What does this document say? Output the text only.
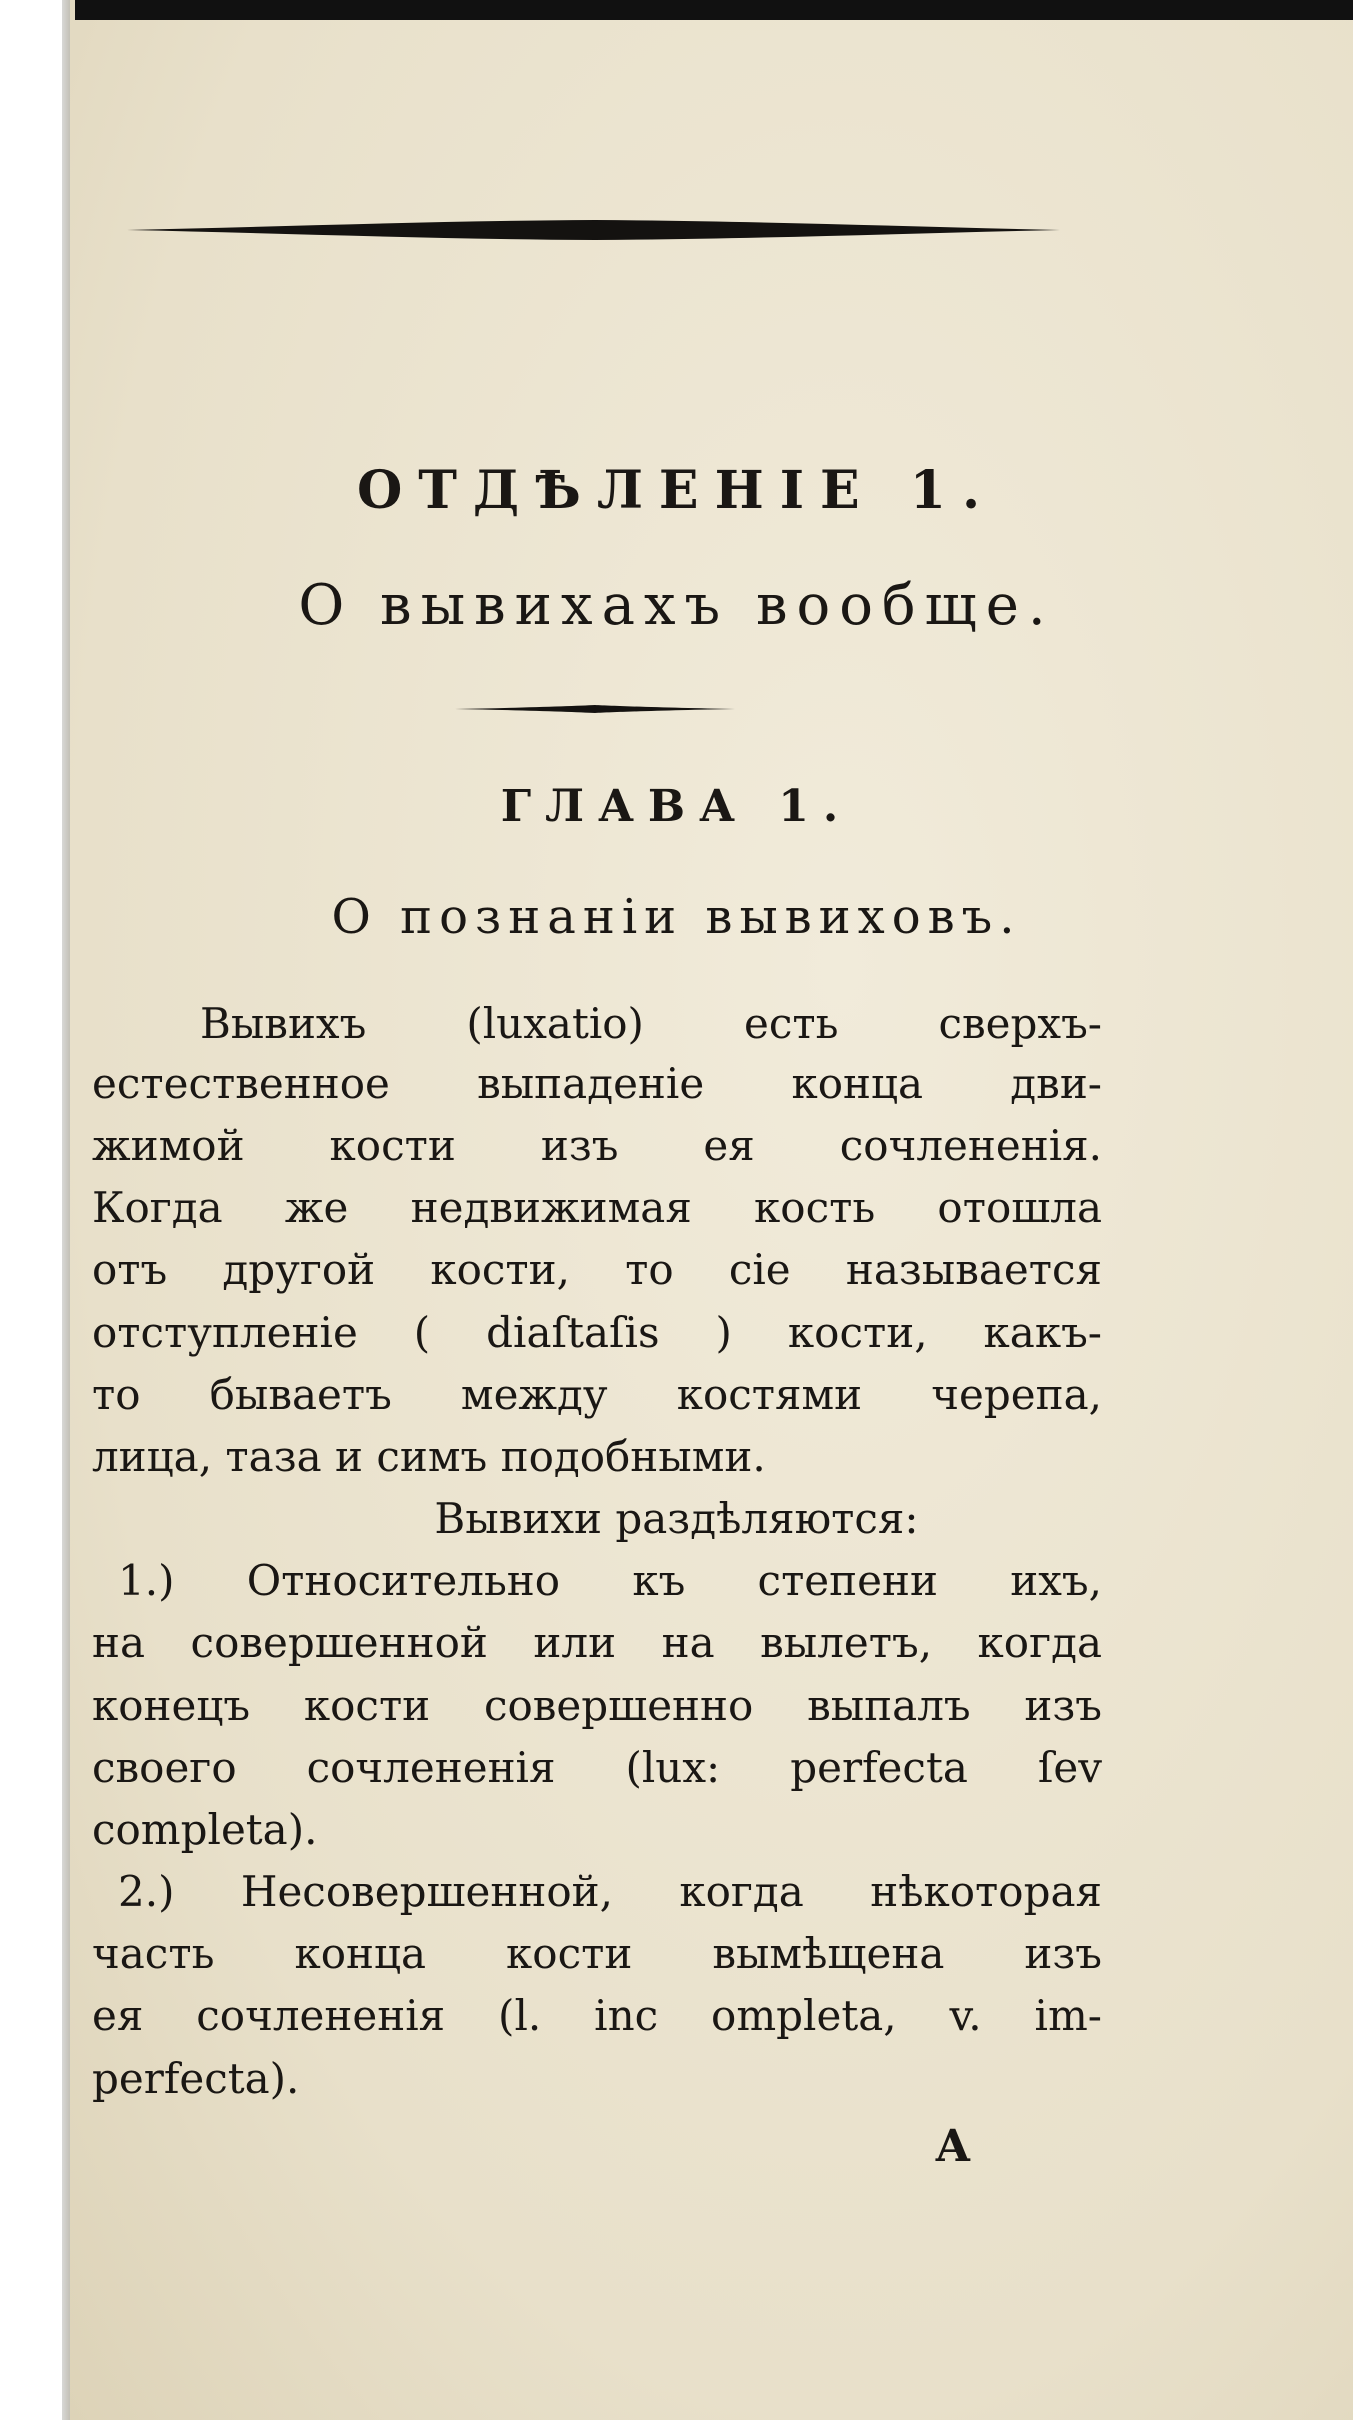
ОТДѢЛЕНІЕ 1.
О вывихахъ вообще.
ГЛАВА 1.
О познаніи вывиховъ.
Вывихъ (luxatio) есть сверхъ-
естественное выпаденіе конца дви-
жимой кости изъ ея сочлененія.
Когда же недвижимая кость отошла
отъ другой кости, то сіе называется
отступленіе ( diaſtaſis ) кости, какъ-
то бываетъ между костями черепа,
лица, таза и симъ подобными.
Вывихи раздѣляются:
1.) Относительно къ степени ихъ,
на совершенной или на вылетъ, когда
конецъ кости совершенно выпалъ изъ
своего сочлененія (lux: perfecta ſev
completa).
2.) Несовершенной, когда нѣкоторая
часть конца кости вымѣщена изъ
ея сочлененія (l. inc ompleta, v. im-
perfecta).
А
